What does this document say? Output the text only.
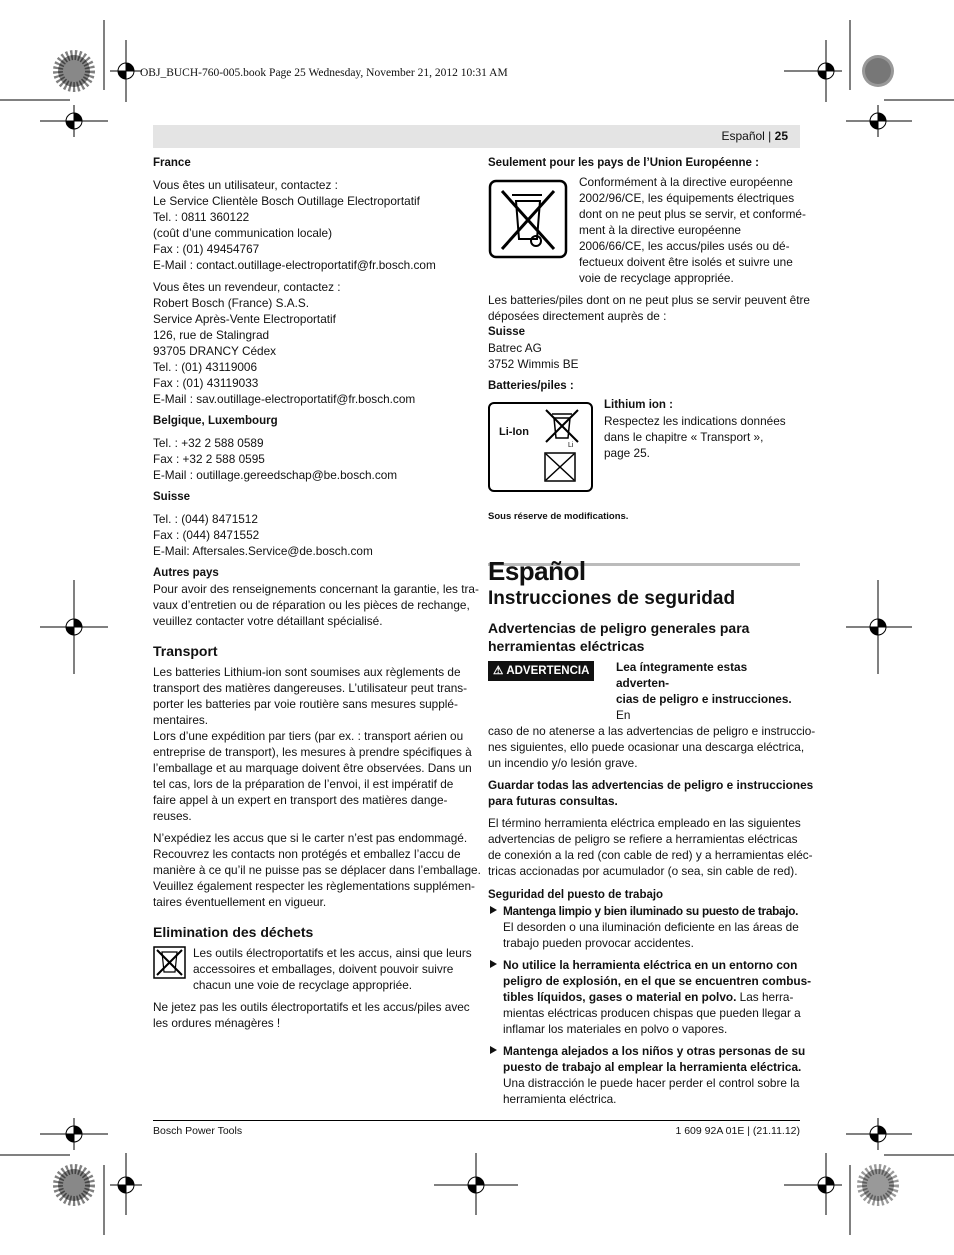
OBJ_BUCH-760-005.book Page 25 Wednesday, November 21, 2012 10:31 AM
Español | 25
France
Vous êtes un utilisateur, contactez :
Le Service Clientèle Bosch Outillage Electroportatif
Tel. : 0811 360122
(coût d’une communication locale)
Fax : (01) 49454767
E-Mail : contact.outillage-electroportatif@fr.bosch.com
Vous êtes un revendeur, contactez :
Robert Bosch (France) S.A.S.
Service Après-Vente Electroportatif
126, rue de Stalingrad
93705 DRANCY Cédex
Tel. : (01) 43119006
Fax : (01) 43119033
E-Mail : sav.outillage-electroportatif@fr.bosch.com
Belgique, Luxembourg
Tel. : +32 2 588 0589
Fax : +32 2 588 0595
E-Mail : outillage.gereedschap@be.bosch.com
Suisse
Tel. : (044) 8471512
Fax : (044) 8471552
E-Mail: Aftersales.Service@de.bosch.com
Autres pays
Pour avoir des renseignements concernant la garantie, les tra-
vaux d’entretien ou de réparation ou les pièces de rechange,
veuillez contacter votre détaillant spécialisé.
Transport
Les batteries Lithium-ion sont soumises aux règlements de
transport des matières dangereuses. L’utilisateur peut trans-
porter les batteries par voie routière sans mesures supplé-
mentaires.
Lors d’une expédition par tiers (par ex. : transport aérien ou
entreprise de transport), les mesures à prendre spécifiques à
l’emballage et au marquage doivent être observées. Dans un
tel cas, lors de la préparation de l’envoi, il est impératif de
faire appel à un expert en transport des matières dange-
reuses.
N’expédiez les accus que si le carter n’est pas endommagé.
Recouvrez les contacts non protégés et emballez l’accu de
manière à ce qu’il ne puisse pas se déplacer dans l’emballage.
Veuillez également respecter les règlementations supplémen-
taires éventuellement en vigueur.
Elimination des déchets
Les outils électroportatifs et les accus, ainsi que leurs
accessoires et emballages, doivent pouvoir suivre
chacun une voie de recyclage appropriée.
Ne jetez pas les outils électroportatifs et les accus/piles avec
les ordures ménagères !
Seulement pour les pays de l’Union Européenne :
Conformément à la directive européenne
2002/96/CE, les équipements électriques
dont on ne peut plus se servir, et conformé-
ment à la directive européenne
2006/66/CE, les accus/piles usés ou dé-
fectueux doivent être isolés et suivre une
voie de recyclage appropriée.
Les batteries/piles dont on ne peut plus se servir peuvent être
déposées directement auprès de :
Suisse
Batrec AG
3752 Wimmis BE
Batteries/piles :
Li-Ion
Li
Lithium ion :
Respectez les indications données
dans le chapitre « Transport »,
page 25.
Sous réserve de modifications.
Español
Instrucciones de seguridad
Advertencias de peligro generales para
herramientas eléctricas
⚠ ADVERTENCIA Lea íntegramente estas adverten-
cias de peligro e instrucciones. En
caso de no atenerse a las advertencias de peligro e instruccio-
nes siguientes, ello puede ocasionar una descarga eléctrica,
un incendio y/o lesión grave.
Guardar todas las advertencias de peligro e instrucciones
para futuras consultas.
El término herramienta eléctrica empleado en las siguientes
advertencias de peligro se refiere a herramientas eléctricas
de conexión a la red (con cable de red) y a herramientas eléc-
tricas accionadas por acumulador (o sea, sin cable de red).
Seguridad del puesto de trabajo
Mantenga limpio y bien iluminado su puesto de trabajo.
El desorden o una iluminación deficiente en las áreas de
trabajo pueden provocar accidentes.
No utilice la herramienta eléctrica en un entorno con
peligro de explosión, en el que se encuentren combus-
tibles líquidos, gases o material en polvo. Las herra-
mientas eléctricas producen chispas que pueden llegar a
inflamar los materiales en polvo o vapores.
Mantenga alejados a los niños y otras personas de su
puesto de trabajo al emplear la herramienta eléctrica.
Una distracción le puede hacer perder el control sobre la
herramienta eléctrica.
Bosch Power Tools	1 609 92A 01E | (21.11.12)
